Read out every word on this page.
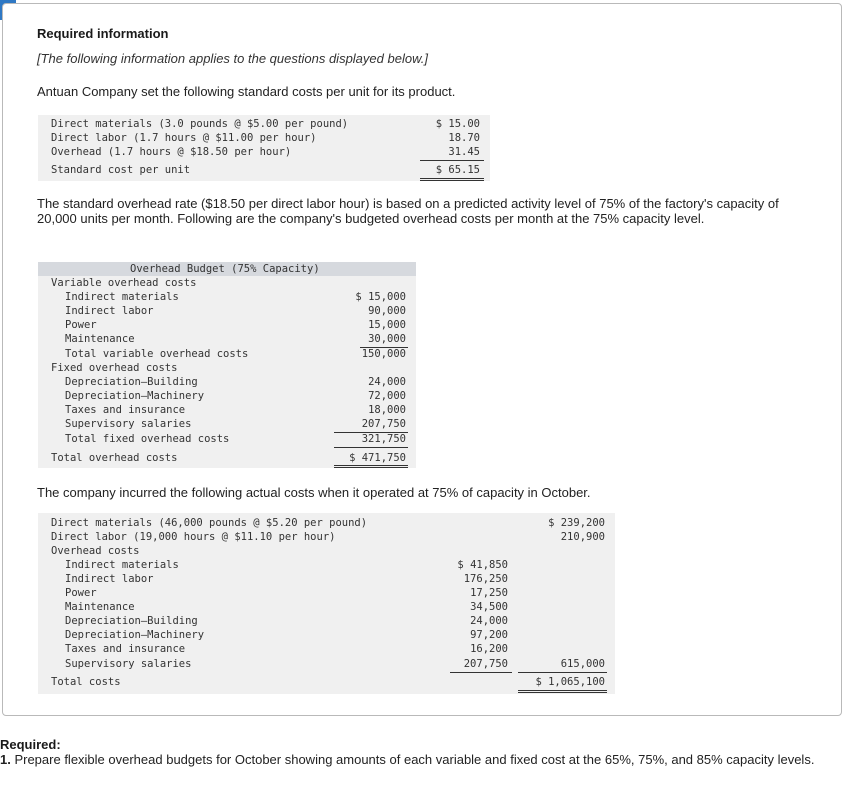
Required information
[The following information applies to the questions displayed below.]
Antuan Company set the following standard costs per unit for its product.
Direct materials (3.0 pounds @ $5.00 per pound)	$ 15.00
Direct labor (1.7 hours @ $11.00 per hour)	18.70
Overhead (1.7 hours @ $18.50 per hour)	31.45
Standard cost per unit	$ 65.15
The standard overhead rate ($18.50 per direct labor hour) is based on a predicted activity level of 75% of the factory's capacity of 20,000 units per month. Following are the company's budgeted overhead costs per month at the 75% capacity level.
Overhead Budget (75% Capacity)
Variable overhead costs
Indirect materials	$ 15,000
Indirect labor	90,000
Power	15,000
Maintenance	30,000
Total variable overhead costs	150,000
Fixed overhead costs
Depreciation—Building	24,000
Depreciation—Machinery	72,000
Taxes and insurance	18,000
Supervisory salaries	207,750
Total fixed overhead costs	321,750
Total overhead costs	$ 471,750
The company incurred the following actual costs when it operated at 75% of capacity in October.
Direct materials (46,000 pounds @ $5.20 per pound)	$ 239,200
Direct labor (19,000 hours @ $11.10 per hour)	210,900
Overhead costs
Indirect materials	$ 41,850
Indirect labor	176,250
Power	17,250
Maintenance	34,500
Depreciation—Building	24,000
Depreciation—Machinery	97,200
Taxes and insurance	16,200
Supervisory salaries	207,750	615,000
Total costs	$ 1,065,100
Required:
1. Prepare flexible overhead budgets for October showing amounts of each variable and fixed cost at the 65%, 75%, and 85% capacity levels.
